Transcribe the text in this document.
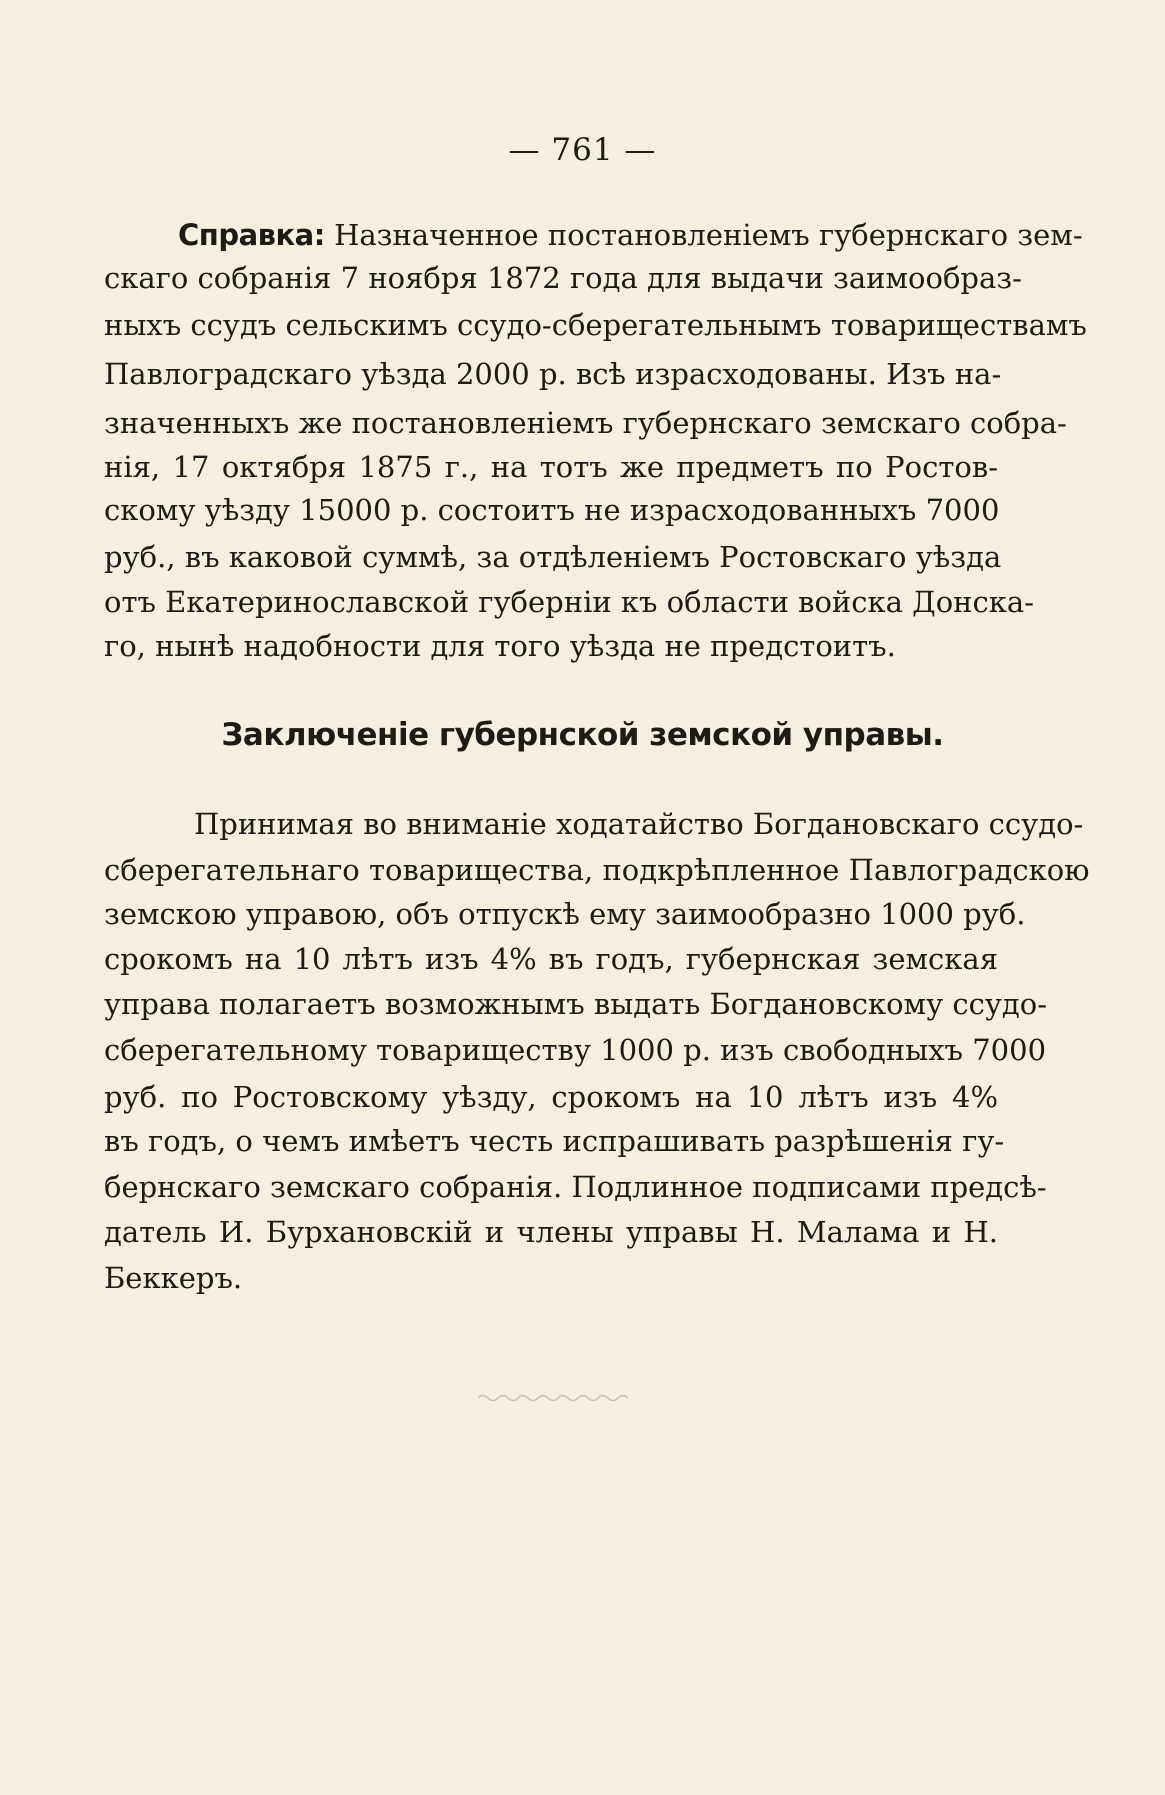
— 761 —
Справка: Назначенное постановленіемъ губернскаго зем-
скаго собранія 7 ноября 1872 года для выдачи заимообраз-
ныхъ ссудъ сельскимъ ссудо-сберегательнымъ товариществамъ
Павлоградскаго уѣзда 2000 р. всѣ израсходованы. Изъ на-
значенныхъ же постановленіемъ губернскаго земскаго собра-
нія, 17 октября 1875 г., на тотъ же предметъ по Ростов-
скому уѣзду 15000 р. состоитъ не израсходованныхъ 7000
руб., въ каковой суммѣ, за отдѣленіемъ Ростовскаго уѣзда
отъ Екатеринославской губерніи къ области войска Донска-
го, нынѣ надобности для того уѣзда не предстоитъ.
Заключеніе губернской земской управы.
Принимая во вниманіе ходатайство Богдановскаго ссудо-
сберегательнаго товарищества, подкрѣпленное Павлоградскою
земскою управою, объ отпускѣ ему заимообразно 1000 руб.
срокомъ на 10 лѣтъ изъ 4% въ годъ, губернская земская
управа полагаетъ возможнымъ выдать Богдановскому ссудо-
сберегательному товариществу 1000 р. изъ свободныхъ 7000
руб. по Ростовскому уѣзду, срокомъ на 10 лѣтъ изъ 4%
въ годъ, о чемъ имѣетъ честь испрашивать разрѣшенія гу-
бернскаго земскаго собранія. Подлинное подписами предсѣ-
датель И. Бурхановскій и члены управы Н. Малама и Н.
Беккеръ.
